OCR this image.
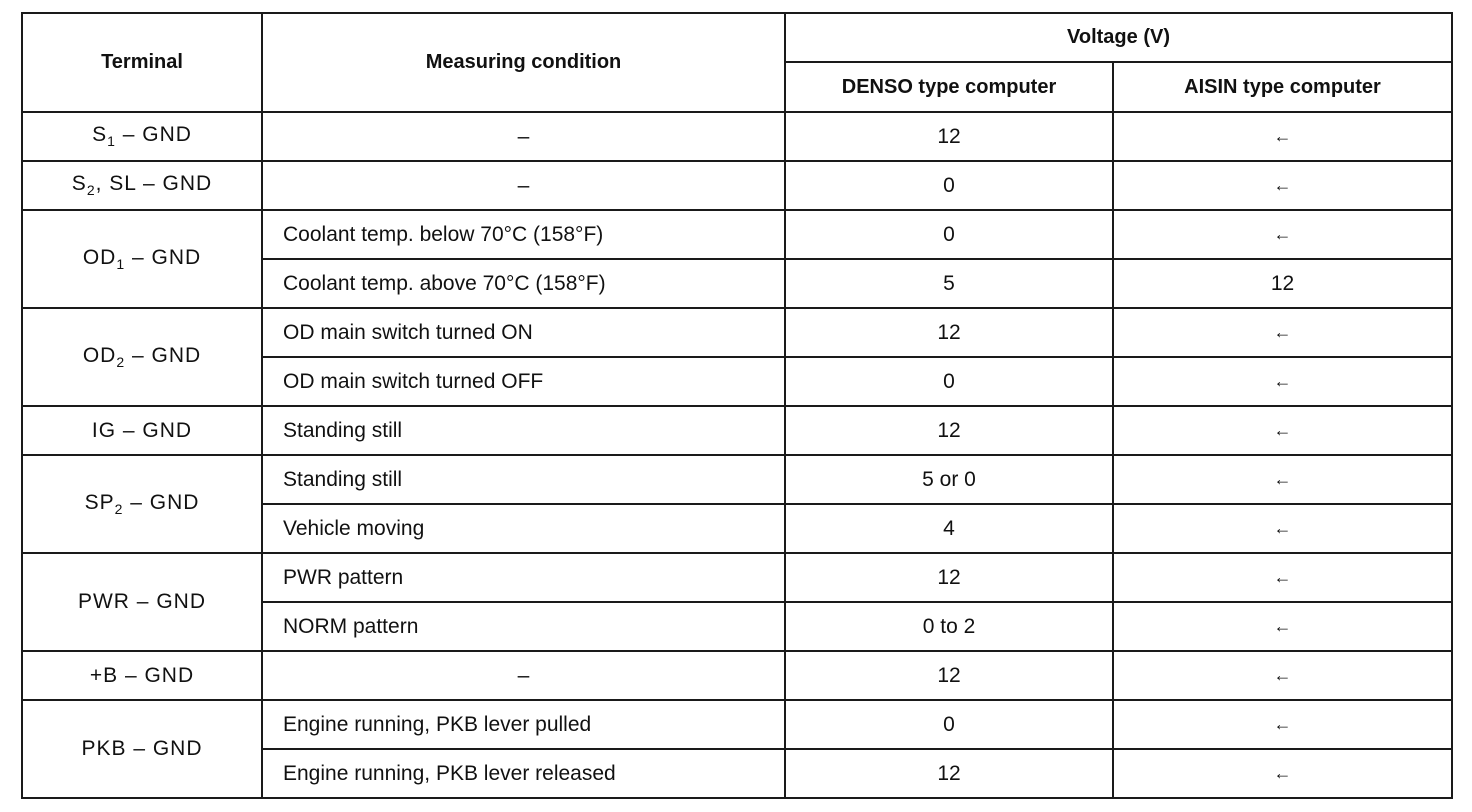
Terminal	Measuring condition	Voltage (V)	
		DENSO type computer	AISIN type computer
$S_1$ – GND	–	12	←
$S_2$, SL – GND	–	0	←
$OD_1$ – GND	Coolant temp. below 70°C (158°F)	0	←
	Coolant temp. above 70°C (158°F)	5	12
$OD_2$ – GND	OD main switch turned ON	12	←
	OD main switch turned OFF	0	←
IG – GND	Standing still	12	←
$SP_2$ – GND	Standing still	5 or 0	←
	Vehicle moving	4	←
PWR – GND	PWR pattern	12	←
	NORM pattern	0 to 2	←
+B – GND	–	12	←
PKB – GND	Engine running, PKB lever pulled	0	←
	Engine running, PKB lever released	12	←
